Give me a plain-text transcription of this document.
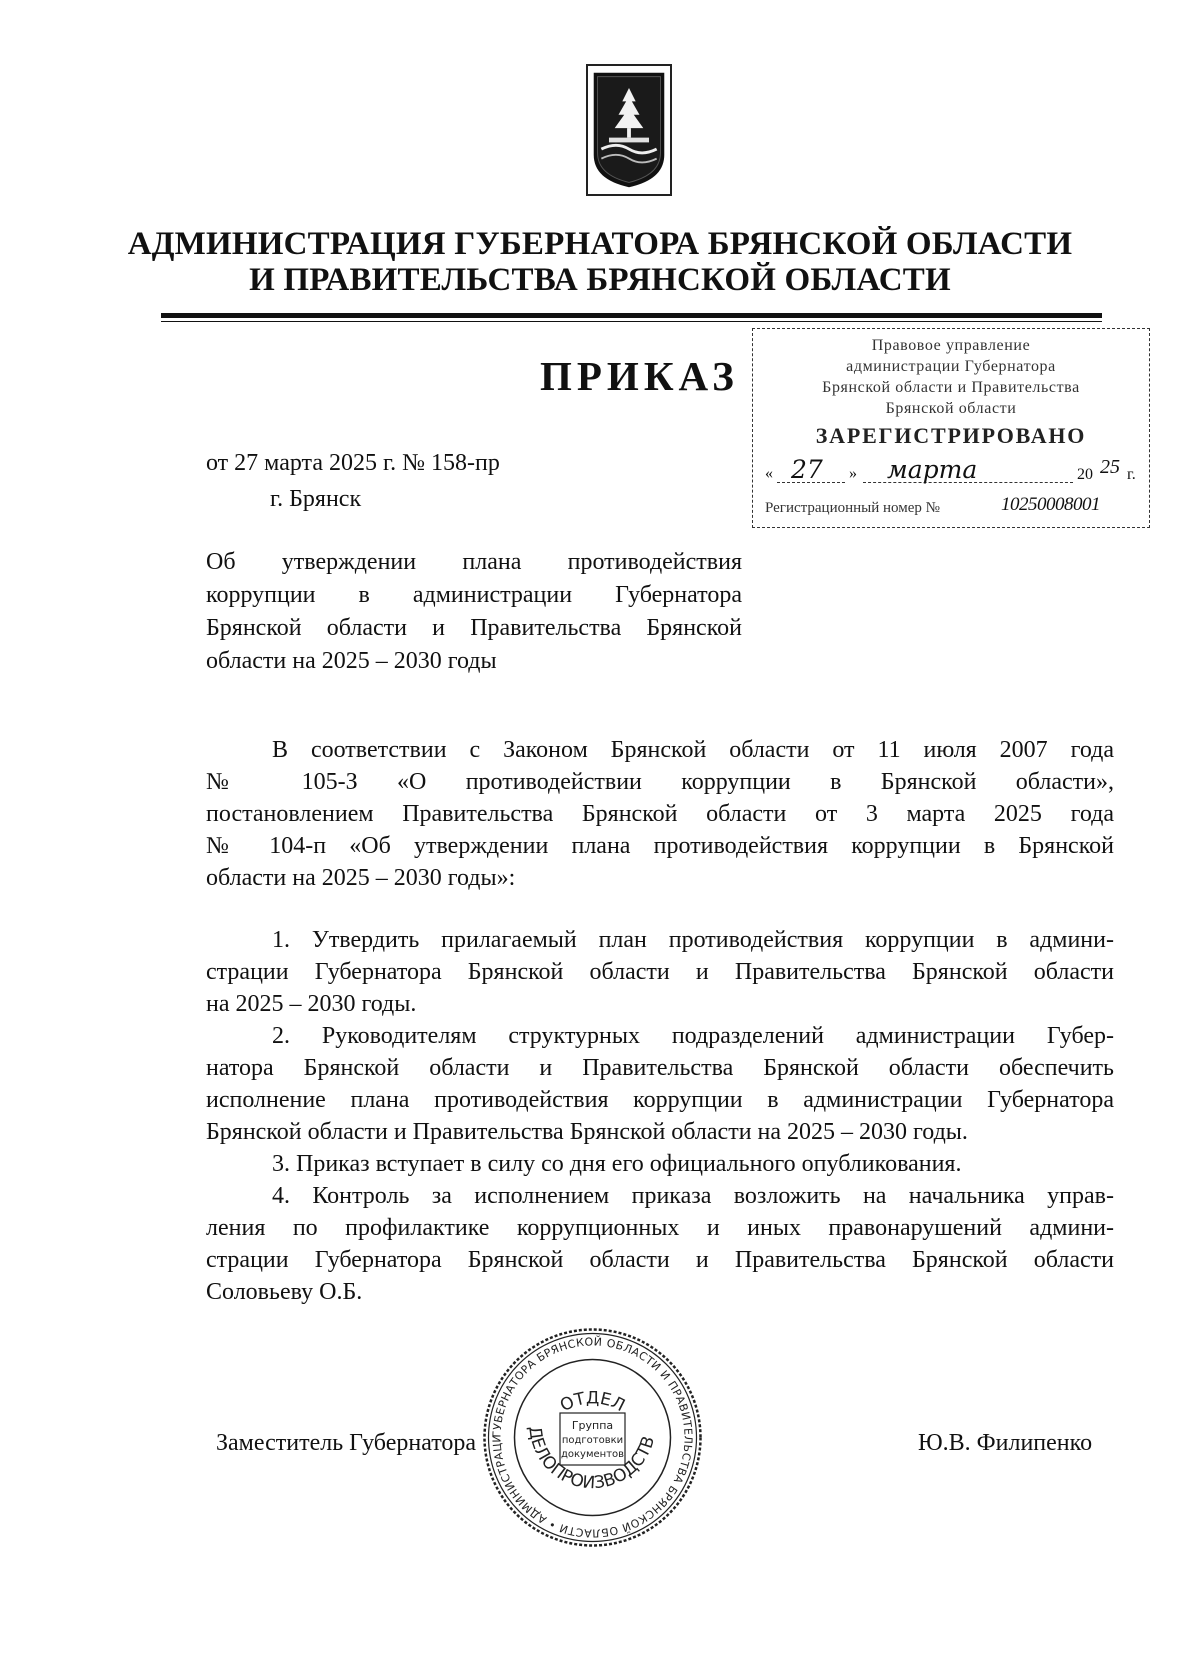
АДМИНИСТРАЦИЯ ГУБЕРНАТОРА БРЯНСКОЙ ОБЛАСТИ
И ПРАВИТЕЛЬСТВА БРЯНСКОЙ ОБЛАСТИ
ПРИКАЗ
Правовое управление
администрации Губернатора
Брянской области и Правительства
Брянской области
ЗАРЕГИСТРИРОВАНО
« 27 » марта	20 25 г.
Регистрационный номер №	10250008001
от 27 марта 2025 г. № 158-пр
г. Брянск
Об утверждении плана противодействия
коррупции в администрации Губернатора
Брянской области и Правительства Брянской
области на 2025 – 2030 годы
В соответствии с Законом Брянской области от 11 июля 2007 года
№ 105-З «О противодействии коррупции в Брянской области»,
постановлением Правительства Брянской области от 3 марта 2025 года
№ 104-п «Об утверждении плана противодействия коррупции в Брянской
области на 2025 – 2030 годы»:
1. Утвердить прилагаемый план противодействия коррупции в админи-
страции Губернатора Брянской области и Правительства Брянской области
на 2025 – 2030 годы.
2. Руководителям структурных подразделений администрации Губер-
натора Брянской области и Правительства Брянской области обеспечить
исполнение плана противодействия коррупции в администрации Губернатора
Брянской области и Правительства Брянской области на 2025 – 2030 годы.
3. Приказ вступает в силу со дня его официального опубликования.
4. Контроль за исполнением приказа возложить на начальника управ-
ления по профилактике коррупционных и иных правонарушений админи-
страции Губернатора Брянской области и Правительства Брянской области
Соловьеву О.Б.
Заместитель Губернатора	Ю.В. Филипенко
ГУБЕРНАТОРА БРЯНСКОЙ ОБЛАСТИ И ПРАВИТЕЛЬСТВА БРЯНСКОЙ ОБЛАСТИ • АДМИНИСТРАЦИ
ОТДЕЛ
ДЕЛОПРОИЗВОДСТВ
Группа
подготовки
документов
